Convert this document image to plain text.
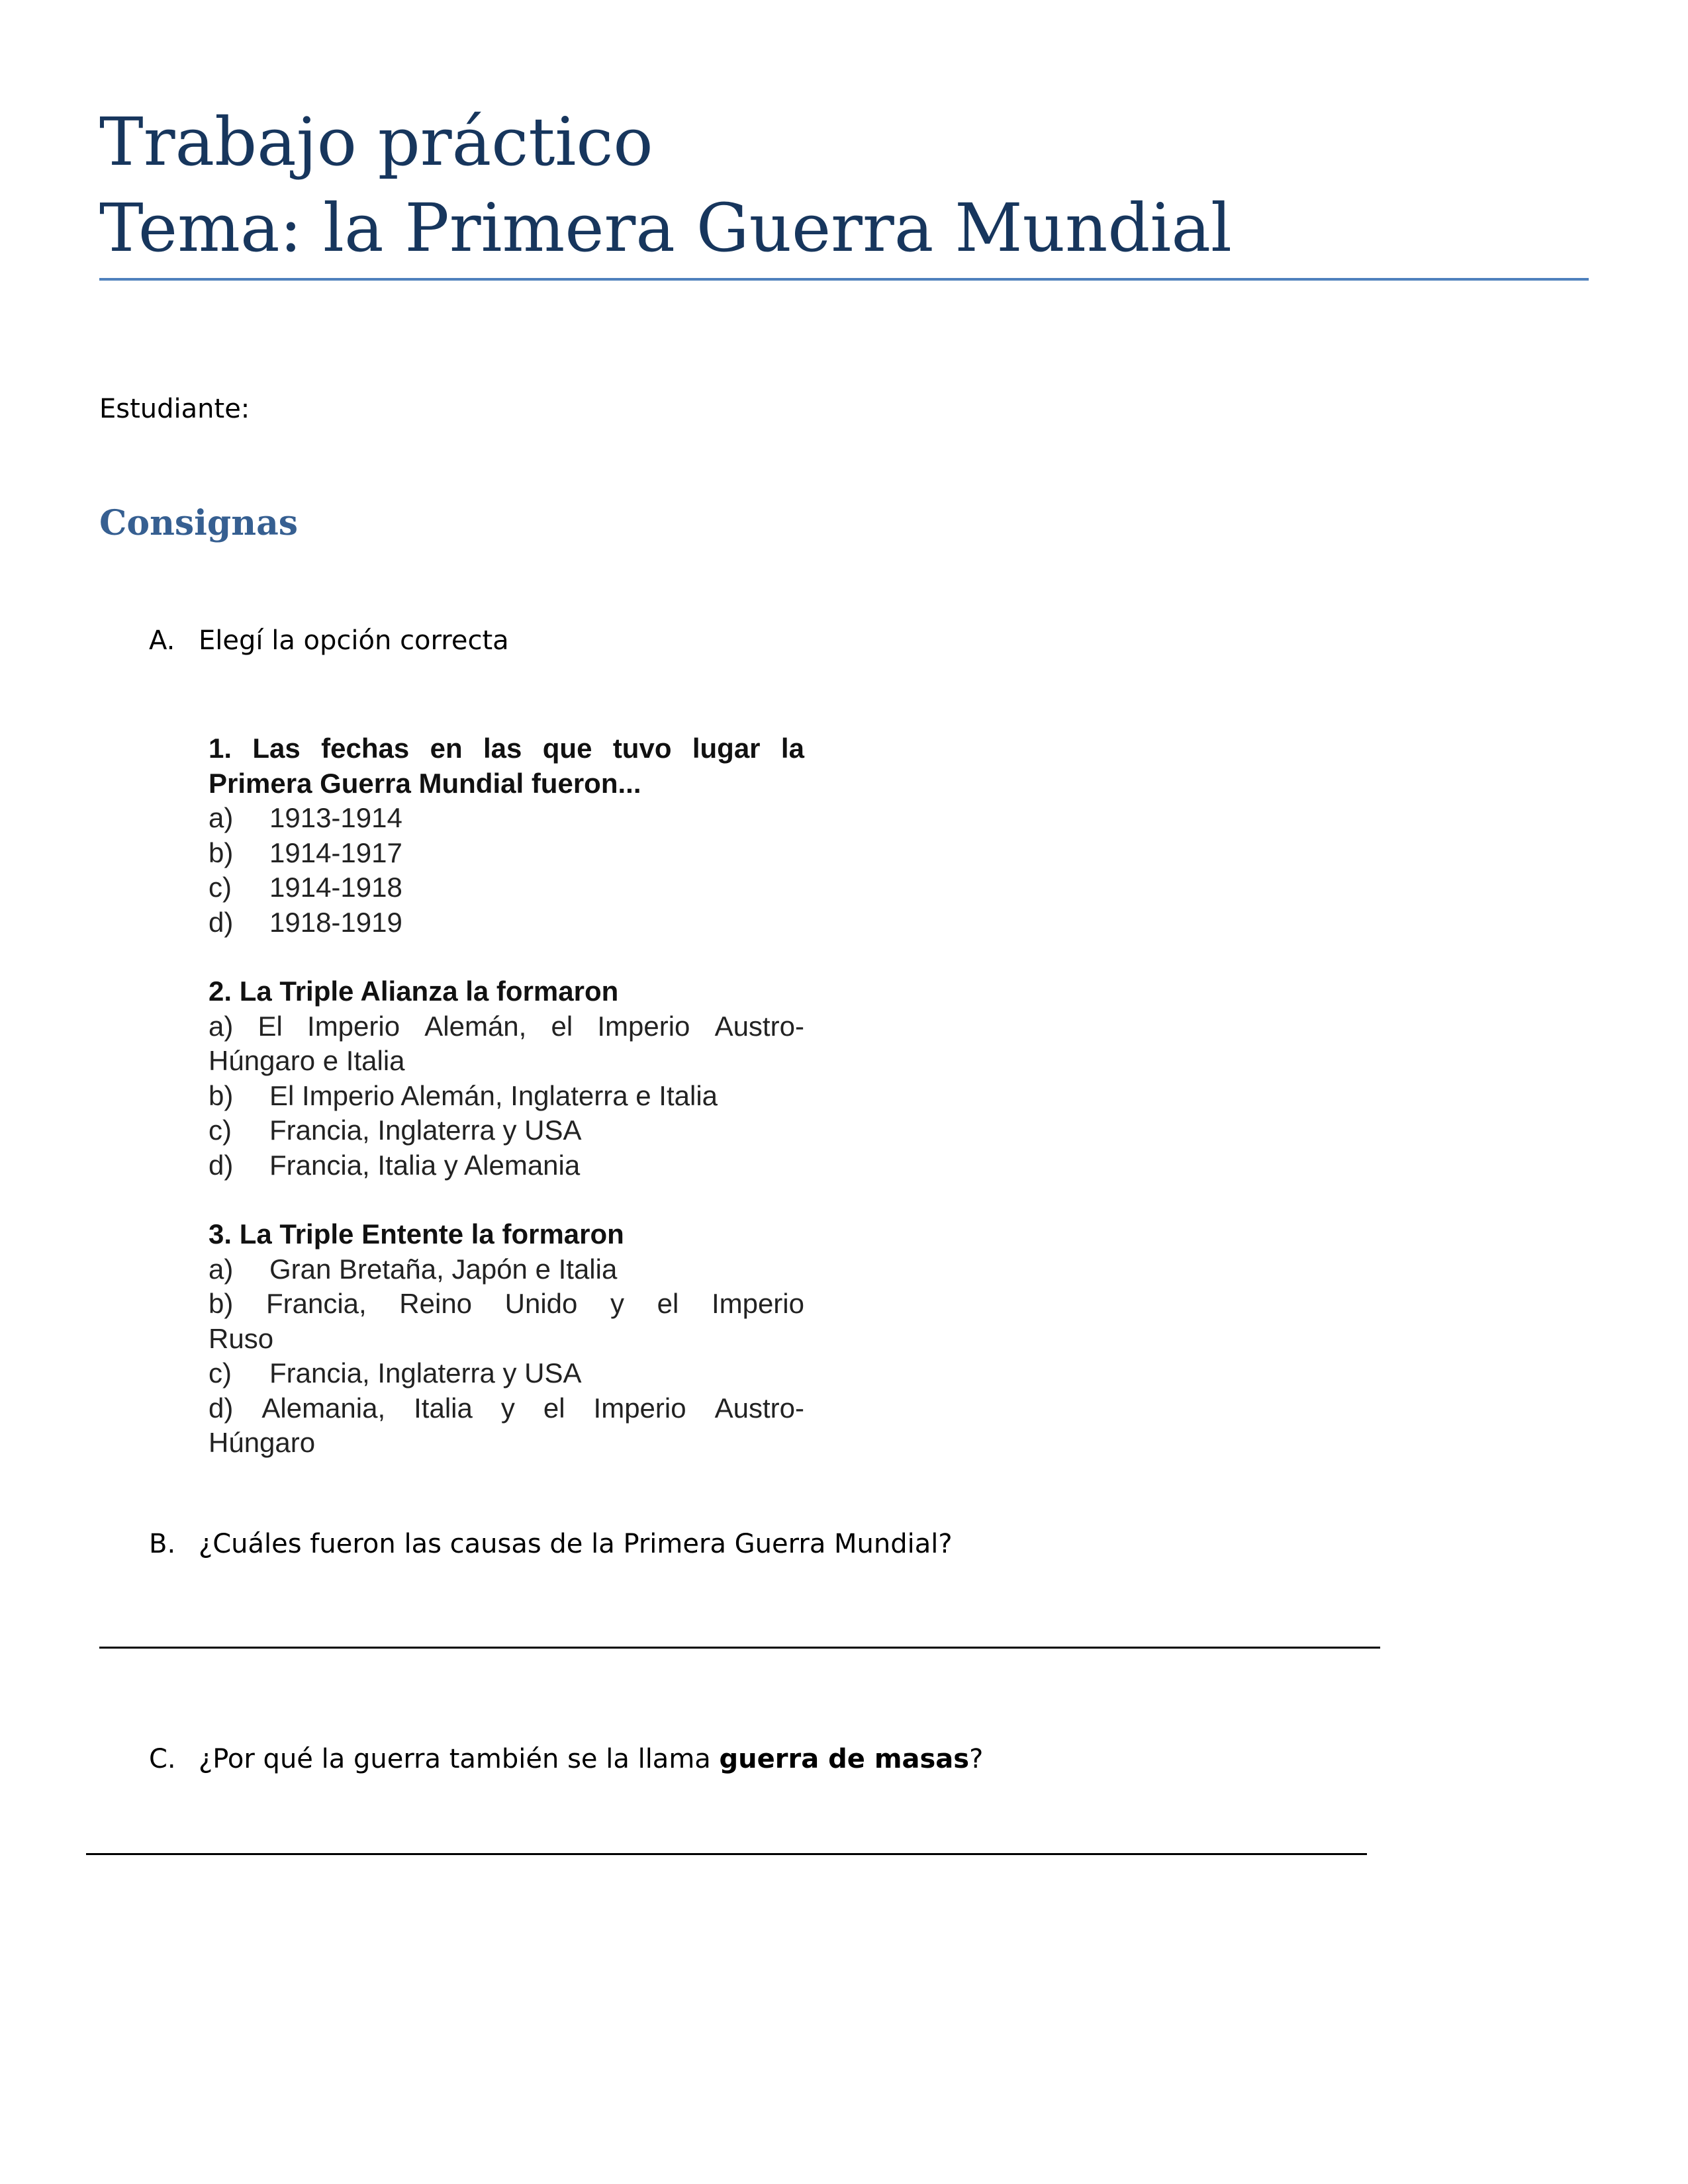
Trabajo práctico
Tema: la Primera Guerra Mundial
Estudiante:
Consignas
A. Elegí la opción correcta
1. Las fechas en las que tuvo lugar la
Primera Guerra Mundial fueron...
a)	1913-1914
b)	1914-1917
c)	1914-1918
d)	1918-1919
2. La Triple Alianza la formaron
a) El Imperio Alemán, el Imperio Austro-
Húngaro e Italia
b)	El Imperio Alemán, Inglaterra e Italia
c)	Francia, Inglaterra y USA
d)	Francia, Italia y Alemania
3. La Triple Entente la formaron
a)	Gran Bretaña, Japón e Italia
b) Francia, Reino Unido y el Imperio
Ruso
c)	Francia, Inglaterra y USA
d) Alemania, Italia y el Imperio Austro-
Húngaro
B. ¿Cuáles fueron las causas de la Primera Guerra Mundial?
C. ¿Por qué la guerra también se la llama guerra de masas?
